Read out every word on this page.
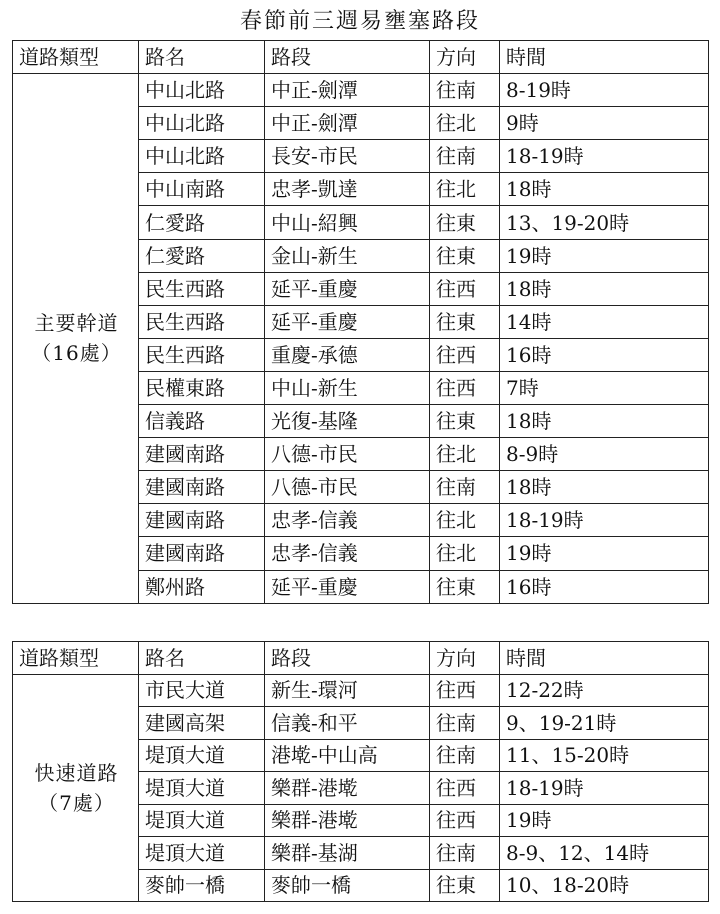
春節前三週易壅塞路段
道路類型	路名	路段	方向	時間

主要幹道
（16處）	中山北路	中正-劍潭	往南	8-19時
	中山北路	中正-劍潭	往北	9時
	中山北路	長安-市民	往南	18-19時
	中山南路	忠孝-凱達	往北	18時
	仁愛路	中山-紹興	往東	13、19-20時
	仁愛路	金山-新生	往東	19時
	民生西路	延平-重慶	往西	18時
	民生西路	延平-重慶	往東	14時
	民生西路	重慶-承德	往西	16時
	民權東路	中山-新生	往西	7時
	信義路	光復-基隆	往東	18時
	建國南路	八德-市民	往北	8-9時
	建國南路	八德-市民	往南	18時
	建國南路	忠孝-信義	往北	18-19時
	建國南路	忠孝-信義	往北	19時
	鄭州路	延平-重慶	往東	16時
道路類型	路名	路段	方向	時間

快速道路
（7處）	市民大道	新生-環河	往西	12-22時
	建國高架	信義-和平	往南	9、19-21時
	堤頂大道	港墘-中山高	往南	11、15-20時
	堤頂大道	樂群-港墘	往西	18-19時
	堤頂大道	樂群-港墘	往西	19時
	堤頂大道	樂群-基湖	往南	8-9、12、14時
	麥帥一橋	麥帥一橋	往東	10、18-20時
